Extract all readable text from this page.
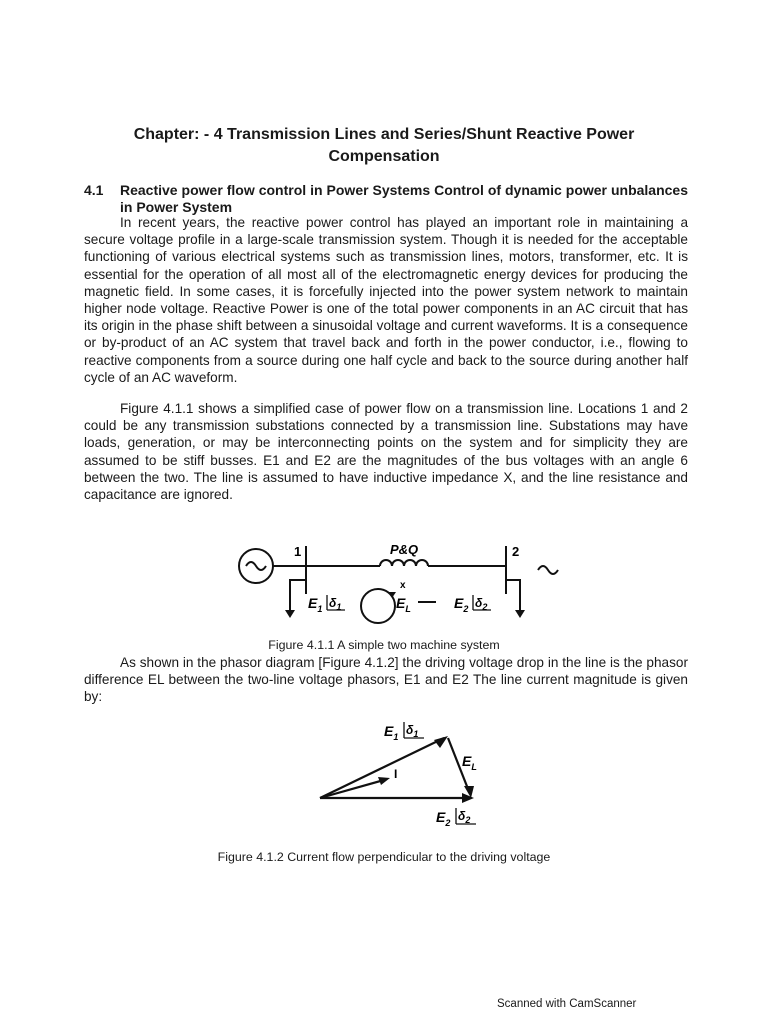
Chapter: - 4 Transmission Lines and Series/Shunt Reactive Power Compensation
4.1 Reactive power flow control in Power Systems Control of dynamic power unbalances in Power System
In recent years, the reactive power control has played an important role in maintaining a secure voltage profile in a large-scale transmission system. Though it is needed for the acceptable functioning of various electrical systems such as transmission lines, motors, transformer, etc. It is essential for the operation of all most all of the electromagnetic energy devices for producing the magnetic field. In some cases, it is forcefully injected into the power system network to maintain higher node voltage. Reactive Power is one of the total power components in an AC circuit that has its origin in the phase shift between a sinusoidal voltage and current waveforms. It is a consequence or by-product of an AC system that travel back and forth in the power conductor, i.e., flowing to reactive components from a source during one half cycle and back to the source during another half cycle of an AC waveform.
Figure 4.1.1 shows a simplified case of power flow on a transmission line. Locations 1 and 2 could be any transmission substations connected by a transmission line. Substations may have loads, generation, or may be interconnecting points on the system and for simplicity they are assumed to be stiff busses. E1 and E2 are the magnitudes of the bus voltages with an angle 6 between the two. The line is assumed to have inductive impedance X, and the line resistance and capacitance are ignored.
1	2
P&Q
x
$E_1$ $\delta_1$	$E_L$	$E_2$ $\delta_2$
Figure 4.1.1 A simple two machine system
As shown in the phasor diagram [Figure 4.1.2] the driving voltage drop in the line is the phasor difference EL between the two-line voltage phasors, E1 and E2 The line current magnitude is given by:
$E_1$ $\delta_1$
$E_L$
I
$E_2$ $\delta_2$
Figure 4.1.2 Current flow perpendicular to the driving voltage
Scanned with CamScanner
